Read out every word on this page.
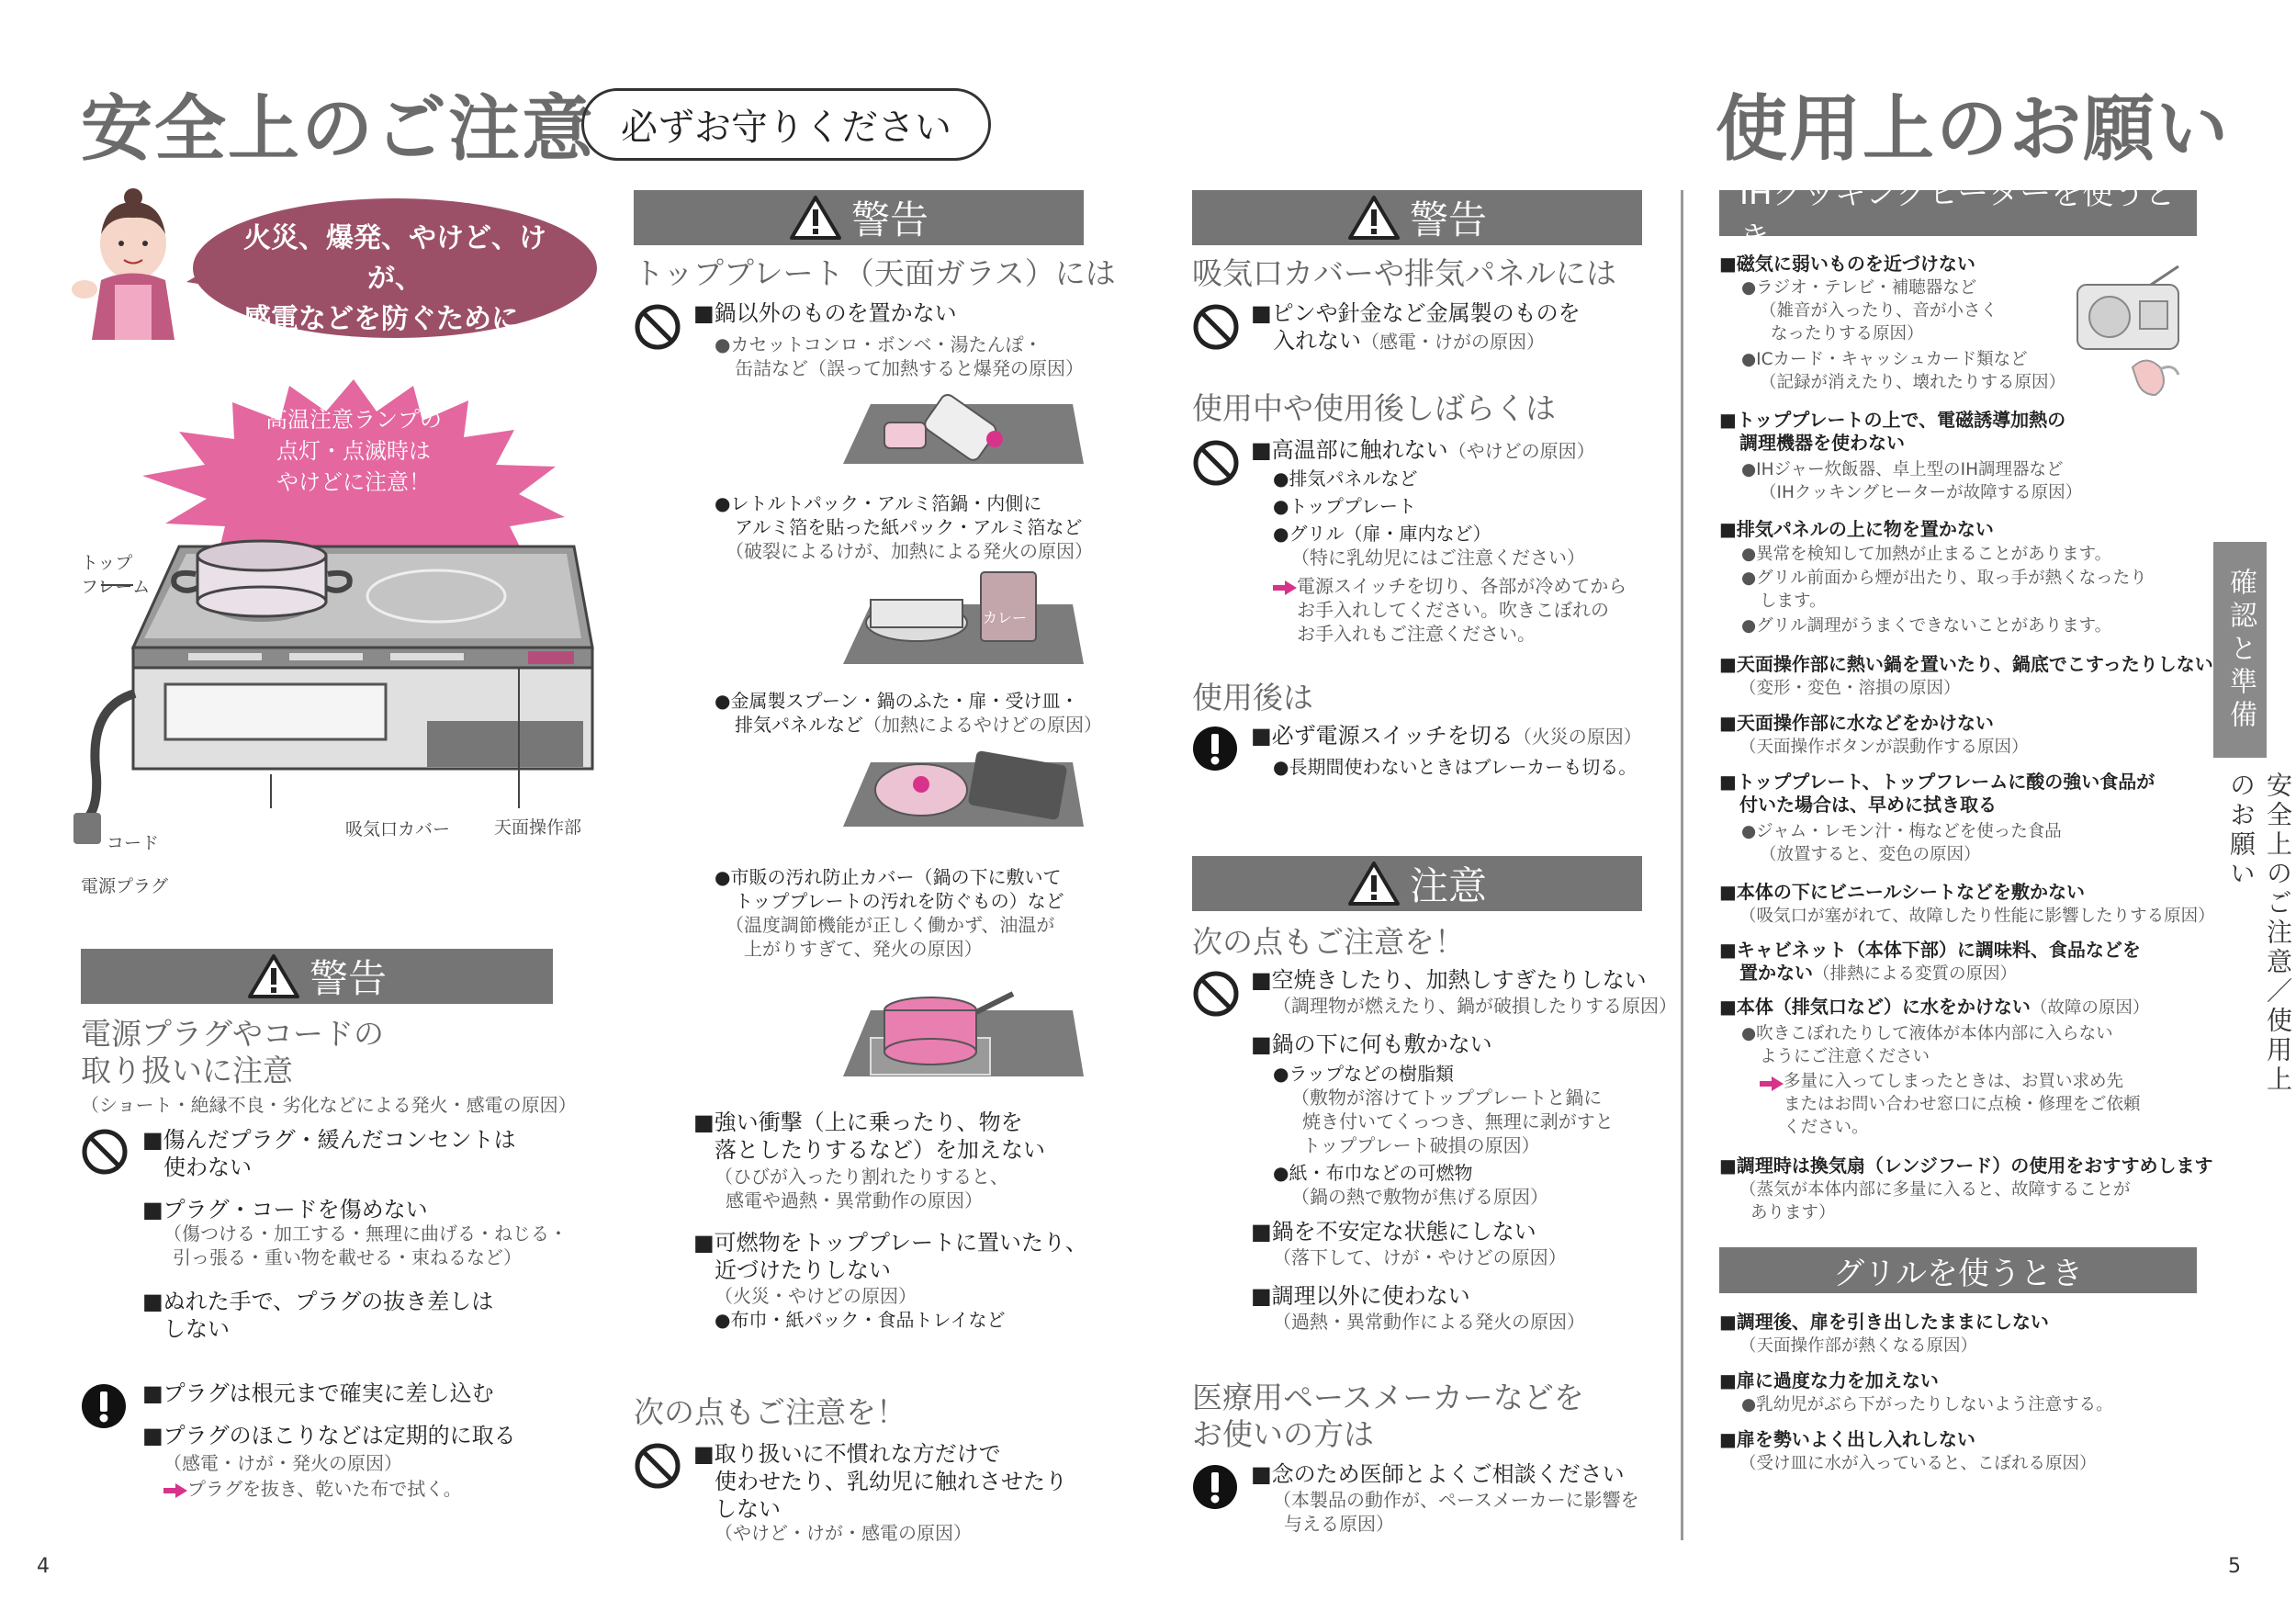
安全上のご注意 必ずお守りください	使用上のお願い
火災、爆発、やけど、けが、
感電などを防ぐために…
高温注意ランプの
点灯・点滅時は
やけどに注意！
トップ
フレーム
コード
電源プラグ
吸気口カバー	天面操作部
警告
電源プラグやコードの
取り扱いに注意
（ショート・絶縁不良・劣化などによる発火・感電の原因）
■傷んだプラグ・緩んだコンセントは
使わない
■プラグ・コードを傷めない
（傷つける・加工する・無理に曲げる・ねじる・
引っ張る・重い物を載せる・束ねるなど）
■ぬれた手で、プラグの抜き差しは
しない
■プラグは根元まで確実に差し込む
■プラグのほこりなどは定期的に取る
（感電・けが・発火の原因）
プラグを抜き、乾いた布で拭く。
警告
トッププレート（天面ガラス）には
■鍋以外のものを置かない
●カセットコンロ・ボンベ・湯たんぽ・
缶詰など（誤って加熱すると爆発の原因）
●レトルトパック・アルミ箔鍋・内側に
アルミ箔を貼った紙パック・アルミ箔など
（破裂によるけが、加熱による発火の原因）
カレー
●金属製スプーン・鍋のふた・扉・受け皿・
排気パネルなど（加熱によるやけどの原因）
●市販の汚れ防止カバー（鍋の下に敷いて
トッププレートの汚れを防ぐもの）など
（温度調節機能が正しく働かず、油温が
上がりすぎて、発火の原因）
■強い衝撃（上に乗ったり、物を
落としたりするなど）を加えない
（ひびが入ったり割れたりすると、
感電や過熱・異常動作の原因）
■可燃物をトッププレートに置いたり、
近づけたりしない
（火災・やけどの原因）
●布巾・紙パック・食品トレイなど
次の点もご注意を！
■取り扱いに不慣れな方だけで
使わせたり、乳幼児に触れさせたり
しない
（やけど・けが・感電の原因）
警告
吸気口カバーや排気パネルには
■ピンや針金など金属製のものを
入れない（感電・けがの原因）
使用中や使用後しばらくは
■高温部に触れない（やけどの原因）
●排気パネルなど
●トッププレート
●グリル（扉・庫内など）
（特に乳幼児にはご注意ください）
電源スイッチを切り、各部が冷めてから
お手入れしてください。吹きこぼれの
お手入れもご注意ください。
使用後は
■必ず電源スイッチを切る（火災の原因）
●長期間使わないときはブレーカーも切る。
注意
次の点もご注意を！
■空焼きしたり、加熱しすぎたりしない
（調理物が燃えたり、鍋が破損したりする原因）
■鍋の下に何も敷かない
●ラップなどの樹脂類
（敷物が溶けてトッププレートと鍋に
焼き付いてくっつき、無理に剥がすと
トッププレート破損の原因）
●紙・布巾などの可燃物
（鍋の熱で敷物が焦げる原因）
■鍋を不安定な状態にしない
（落下して、けが・やけどの原因）
■調理以外に使わない
（過熱・異常動作による発火の原因）
医療用ペースメーカーなどを
お使いの方は
■念のため医師とよくご相談ください
（本製品の動作が、ペースメーカーに影響を
与える原因）
IHクッキングヒーターを使うとき
■磁気に弱いものを近づけない
●ラジオ・テレビ・補聴器など
（雑音が入ったり、音が小さく
なったりする原因）
●ICカード・キャッシュカード類など
（記録が消えたり、壊れたりする原因）
■トッププレートの上で、電磁誘導加熱の
調理機器を使わない
●IHジャー炊飯器、卓上型のIH調理器など
（IHクッキングヒーターが故障する原因）
■排気パネルの上に物を置かない
●異常を検知して加熱が止まることがあります。
●グリル前面から煙が出たり、取っ手が熱くなったり
します。
●グリル調理がうまくできないことがあります。
■天面操作部に熱い鍋を置いたり、鍋底でこすったりしない
（変形・変色・溶損の原因）
■天面操作部に水などをかけない
（天面操作ボタンが誤動作する原因）
■トッププレート、トップフレームに酸の強い食品が
付いた場合は、早めに拭き取る
●ジャム・レモン汁・梅などを使った食品
（放置すると、変色の原因）
■本体の下にビニールシートなどを敷かない
（吸気口が塞がれて、故障したり性能に影響したりする原因）
■キャビネット（本体下部）に調味料、食品などを
置かない（排熱による変質の原因）
■本体（排気口など）に水をかけない（故障の原因）
●吹きこぼれたりして液体が本体内部に入らない
ようにご注意ください
多量に入ってしまったときは、お買い求め先
またはお問い合わせ窓口に点検・修理をご依頼
ください。
■調理時は換気扇（レンジフード）の使用をおすすめします
（蒸気が本体内部に多量に入ると、故障することが
あります）
グリルを使うとき
■調理後、扉を引き出したままにしない
（天面操作部が熱くなる原因）
■扉に過度な力を加えない
●乳幼児がぶら下がったりしないよう注意する。
■扉を勢いよく出し入れしない
（受け皿に水が入っていると、こぼれる原因）
確認と準備
安全上のご注意／使用上のお願い
4	5
